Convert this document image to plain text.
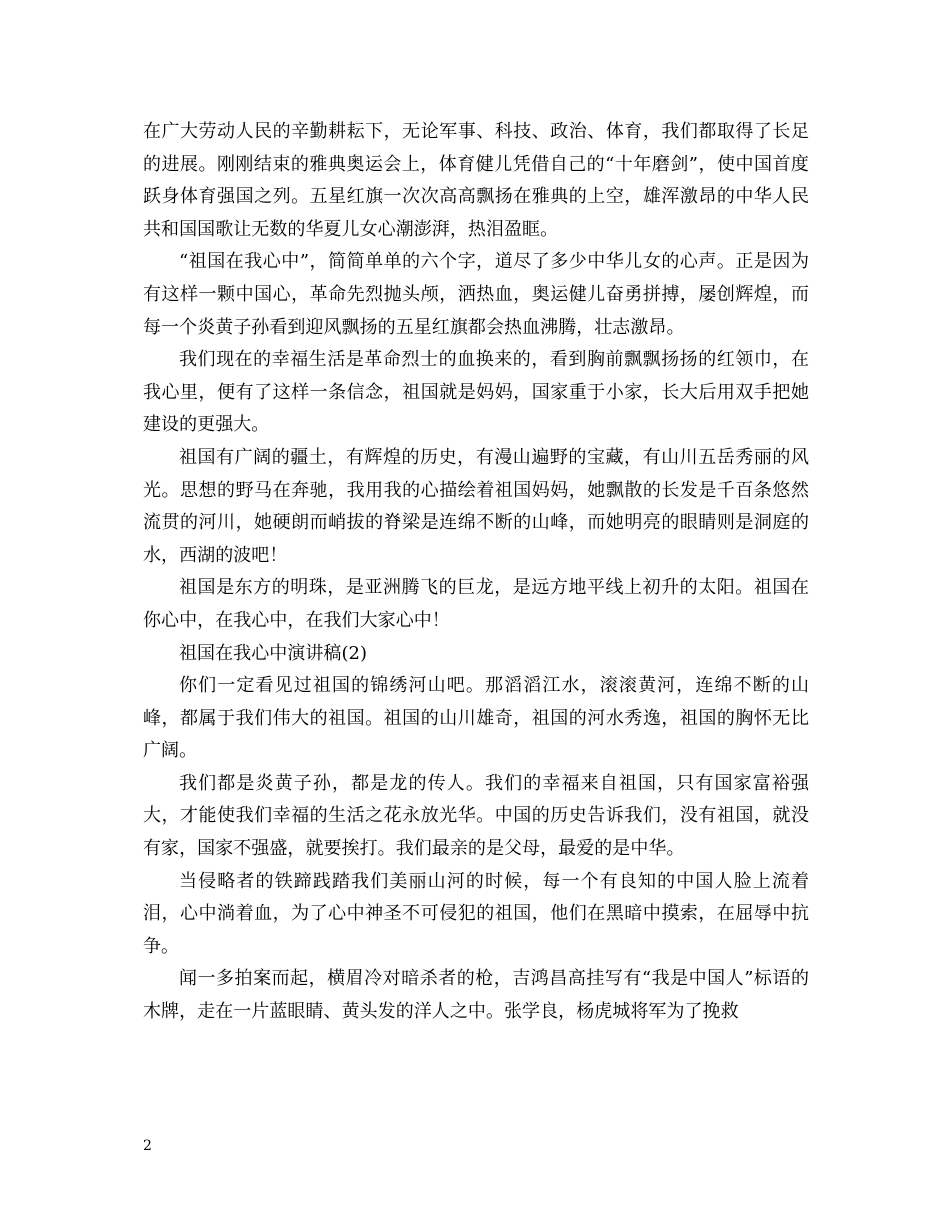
在广大劳动人民的辛勤耕耘下，无论军事、科技、政治、体育，我们都取得了长足的进展。刚刚结束的雅典奥运会上，体育健儿凭借自己的“十年磨剑”，使中国首度跃身体育强国之列。五星红旗一次次高高飘扬在雅典的上空，雄浑激昂的中华人民共和国国歌让无数的华夏儿女心潮澎湃，热泪盈眶。

“祖国在我心中”，简简单单的六个字，道尽了多少中华儿女的心声。正是因为有这样一颗中国心，革命先烈抛头颅，洒热血，奥运健儿奋勇拼搏，屡创辉煌，而每一个炎黄子孙看到迎风飘扬的五星红旗都会热血沸腾，壮志激昂。

我们现在的幸福生活是革命烈士的血换来的，看到胸前飘飘扬扬的红领巾，在我心里，便有了这样一条信念，祖国就是妈妈，国家重于小家，长大后用双手把她建设的更强大。

祖国有广阔的疆土，有辉煌的历史，有漫山遍野的宝藏，有山川五岳秀丽的风光。思想的野马在奔驰，我用我的心描绘着祖国妈妈，她飘散的长发是千百条悠然流贯的河川，她硬朗而峭拔的脊梁是连绵不断的山峰，而她明亮的眼睛则是洞庭的水，西湖的波吧！

祖国是东方的明珠，是亚洲腾飞的巨龙，是远方地平线上初升的太阳。祖国在你心中，在我心中，在我们大家心中！

祖国在我心中演讲稿(2)

你们一定看见过祖国的锦绣河山吧。那滔滔江水，滚滚黄河，连绵不断的山峰，都属于我们伟大的祖国。祖国的山川雄奇，祖国的河水秀逸，祖国的胸怀无比广阔。

我们都是炎黄子孙，都是龙的传人。我们的幸福来自祖国，只有国家富裕强大，才能使我们幸福的生活之花永放光华。中国的历史告诉我们，没有祖国，就没有家，国家不强盛，就要挨打。我们最亲的是父母，最爱的是中华。

当侵略者的铁蹄践踏我们美丽山河的时候，每一个有良知的中国人脸上流着泪，心中淌着血，为了心中神圣不可侵犯的祖国，他们在黑暗中摸索，在屈辱中抗争。

闻一多拍案而起，横眉冷对暗杀者的枪，吉鸿昌高挂写有“我是中国人”标语的木牌，走在一片蓝眼睛、黄头发的洋人之中。张学良，杨虎城将军为了挽救

2
